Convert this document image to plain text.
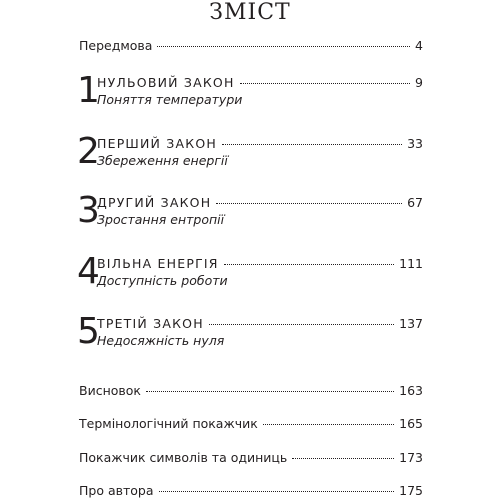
ЗМІСТ
Передмова	4
1
НУЛЬОВИЙ ЗАКОН	9
Поняття температури
2
ПЕРШИЙ ЗАКОН	33
Збереження енергії
3
ДРУГИЙ ЗАКОН	67
Зростання ентропії
4
ВІЛЬНА ЕНЕРГІЯ	111
Доступність роботи
5
ТРЕТІЙ ЗАКОН	137
Недосяжність нуля
Висновок	163
Термінологічний покажчик	165
Покажчик символів та одиниць	173
Про автора	175
